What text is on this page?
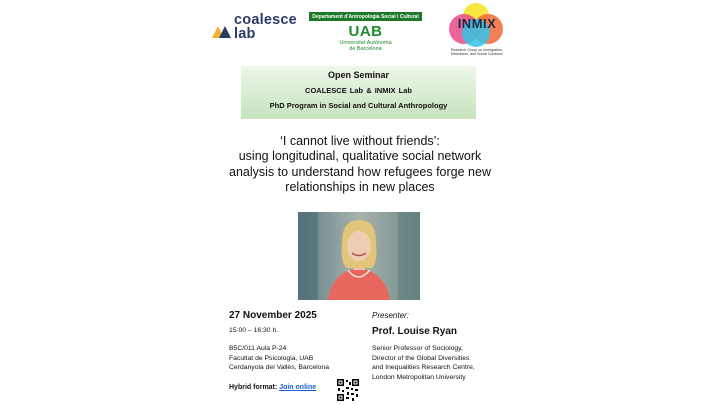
coalesce
lab
Departament d'Antropologia Social i Cultural
UAB
Universitat Autònoma
de Barcelona
INMIX
Research Group on Immigration, Mixedness, and Social Cohesion
Open Seminar
COALESCE Lab & INMIX Lab
PhD Program in Social and Cultural Anthropology
‘I cannot live without friends’:
using longitudinal, qualitative social network
analysis to understand how refugees forge new
relationships in new places
27 November 2025
15:00 – 16:30 h.
B5C/011 Aula P-24
Facultat de Psicologia, UAB
Cerdanyola del Vallès, Barcelona
Hybrid format: Join online
Presenter:
Prof. Louise Ryan
Senior Professor of Sociology,
Director of the Global Diversities
and Inequalities Research Centre,
London Metropolitan University
